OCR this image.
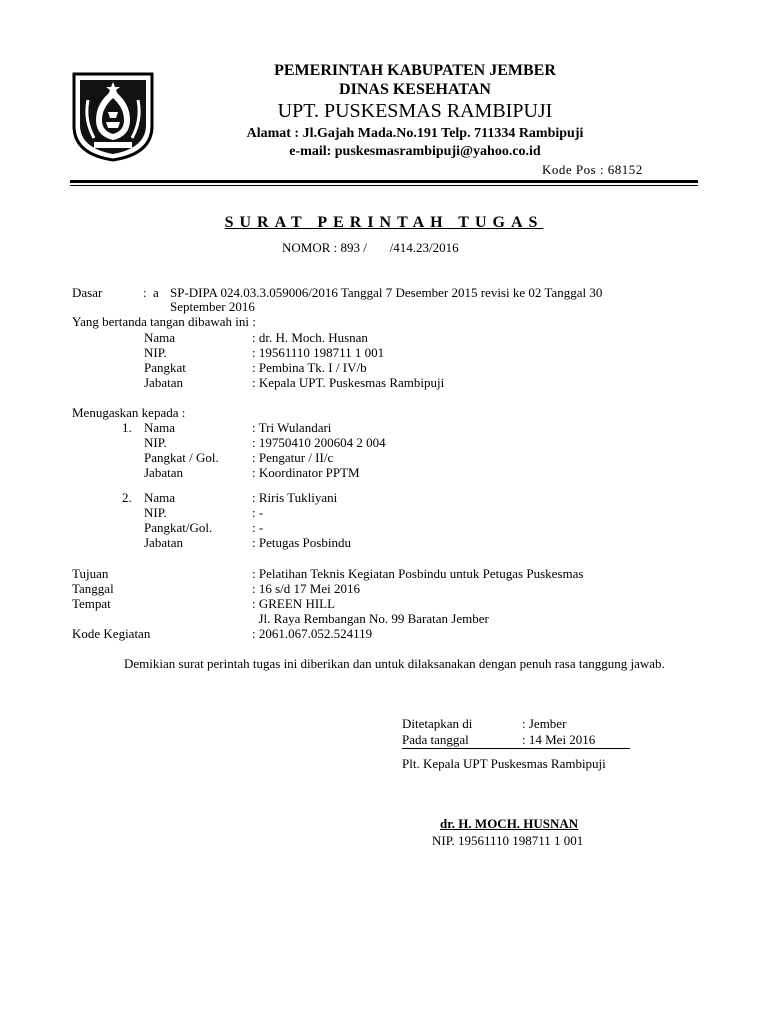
PEMERINTAH KABUPATEN JEMBER
DINAS KESEHATAN
UPT. PUSKESMAS RAMBIPUJI
Alamat : Jl.Gajah Mada.No.191 Telp. 711334 Rambipuji
e-mail: puskesmasrambipuji@yahoo.co.id
Kode Pos : 68152
SURAT PERINTAH TUGAS
NOMOR : 893 /       /414.23/2016
Dasar	: a SP-DIPA 024.03.3.059006/2016 Tanggal 7 Desember 2015 revisi ke 02 Tanggal 30
September 2016
Yang bertanda tangan dibawah ini :
Nama	: dr. H. Moch. Husnan
NIP.	: 19561110 198711 1 001
Pangkat	: Pembina Tk. I / IV/b
Jabatan	: Kepala UPT. Puskesmas Rambipuji
Menugaskan kepada :
1. Nama	: Tri Wulandari
NIP.	: 19750410 200604 2 004
Pangkat / Gol.	: Pengatur / II/c
Jabatan	: Koordinator PPTM
2. Nama	: Riris Tukliyani
NIP.	: -
Pangkat/Gol.	: -
Jabatan	: Petugas Posbindu
Tujuan	: Pelatihan Teknis Kegiatan Posbindu untuk Petugas Puskesmas
Tanggal	: 16 s/d 17 Mei 2016
Tempat	: GREEN HILL
Jl. Raya Rembangan No. 99 Baratan Jember
Kode Kegiatan	: 2061.067.052.524119
Demikian surat perintah tugas ini diberikan dan untuk dilaksanakan dengan penuh rasa tanggung jawab.
Ditetapkan di	: Jember
Pada tanggal	: 14 Mei 2016
Plt. Kepala UPT Puskesmas Rambipuji
dr. H. MOCH. HUSNAN
NIP. 19561110 198711 1 001
